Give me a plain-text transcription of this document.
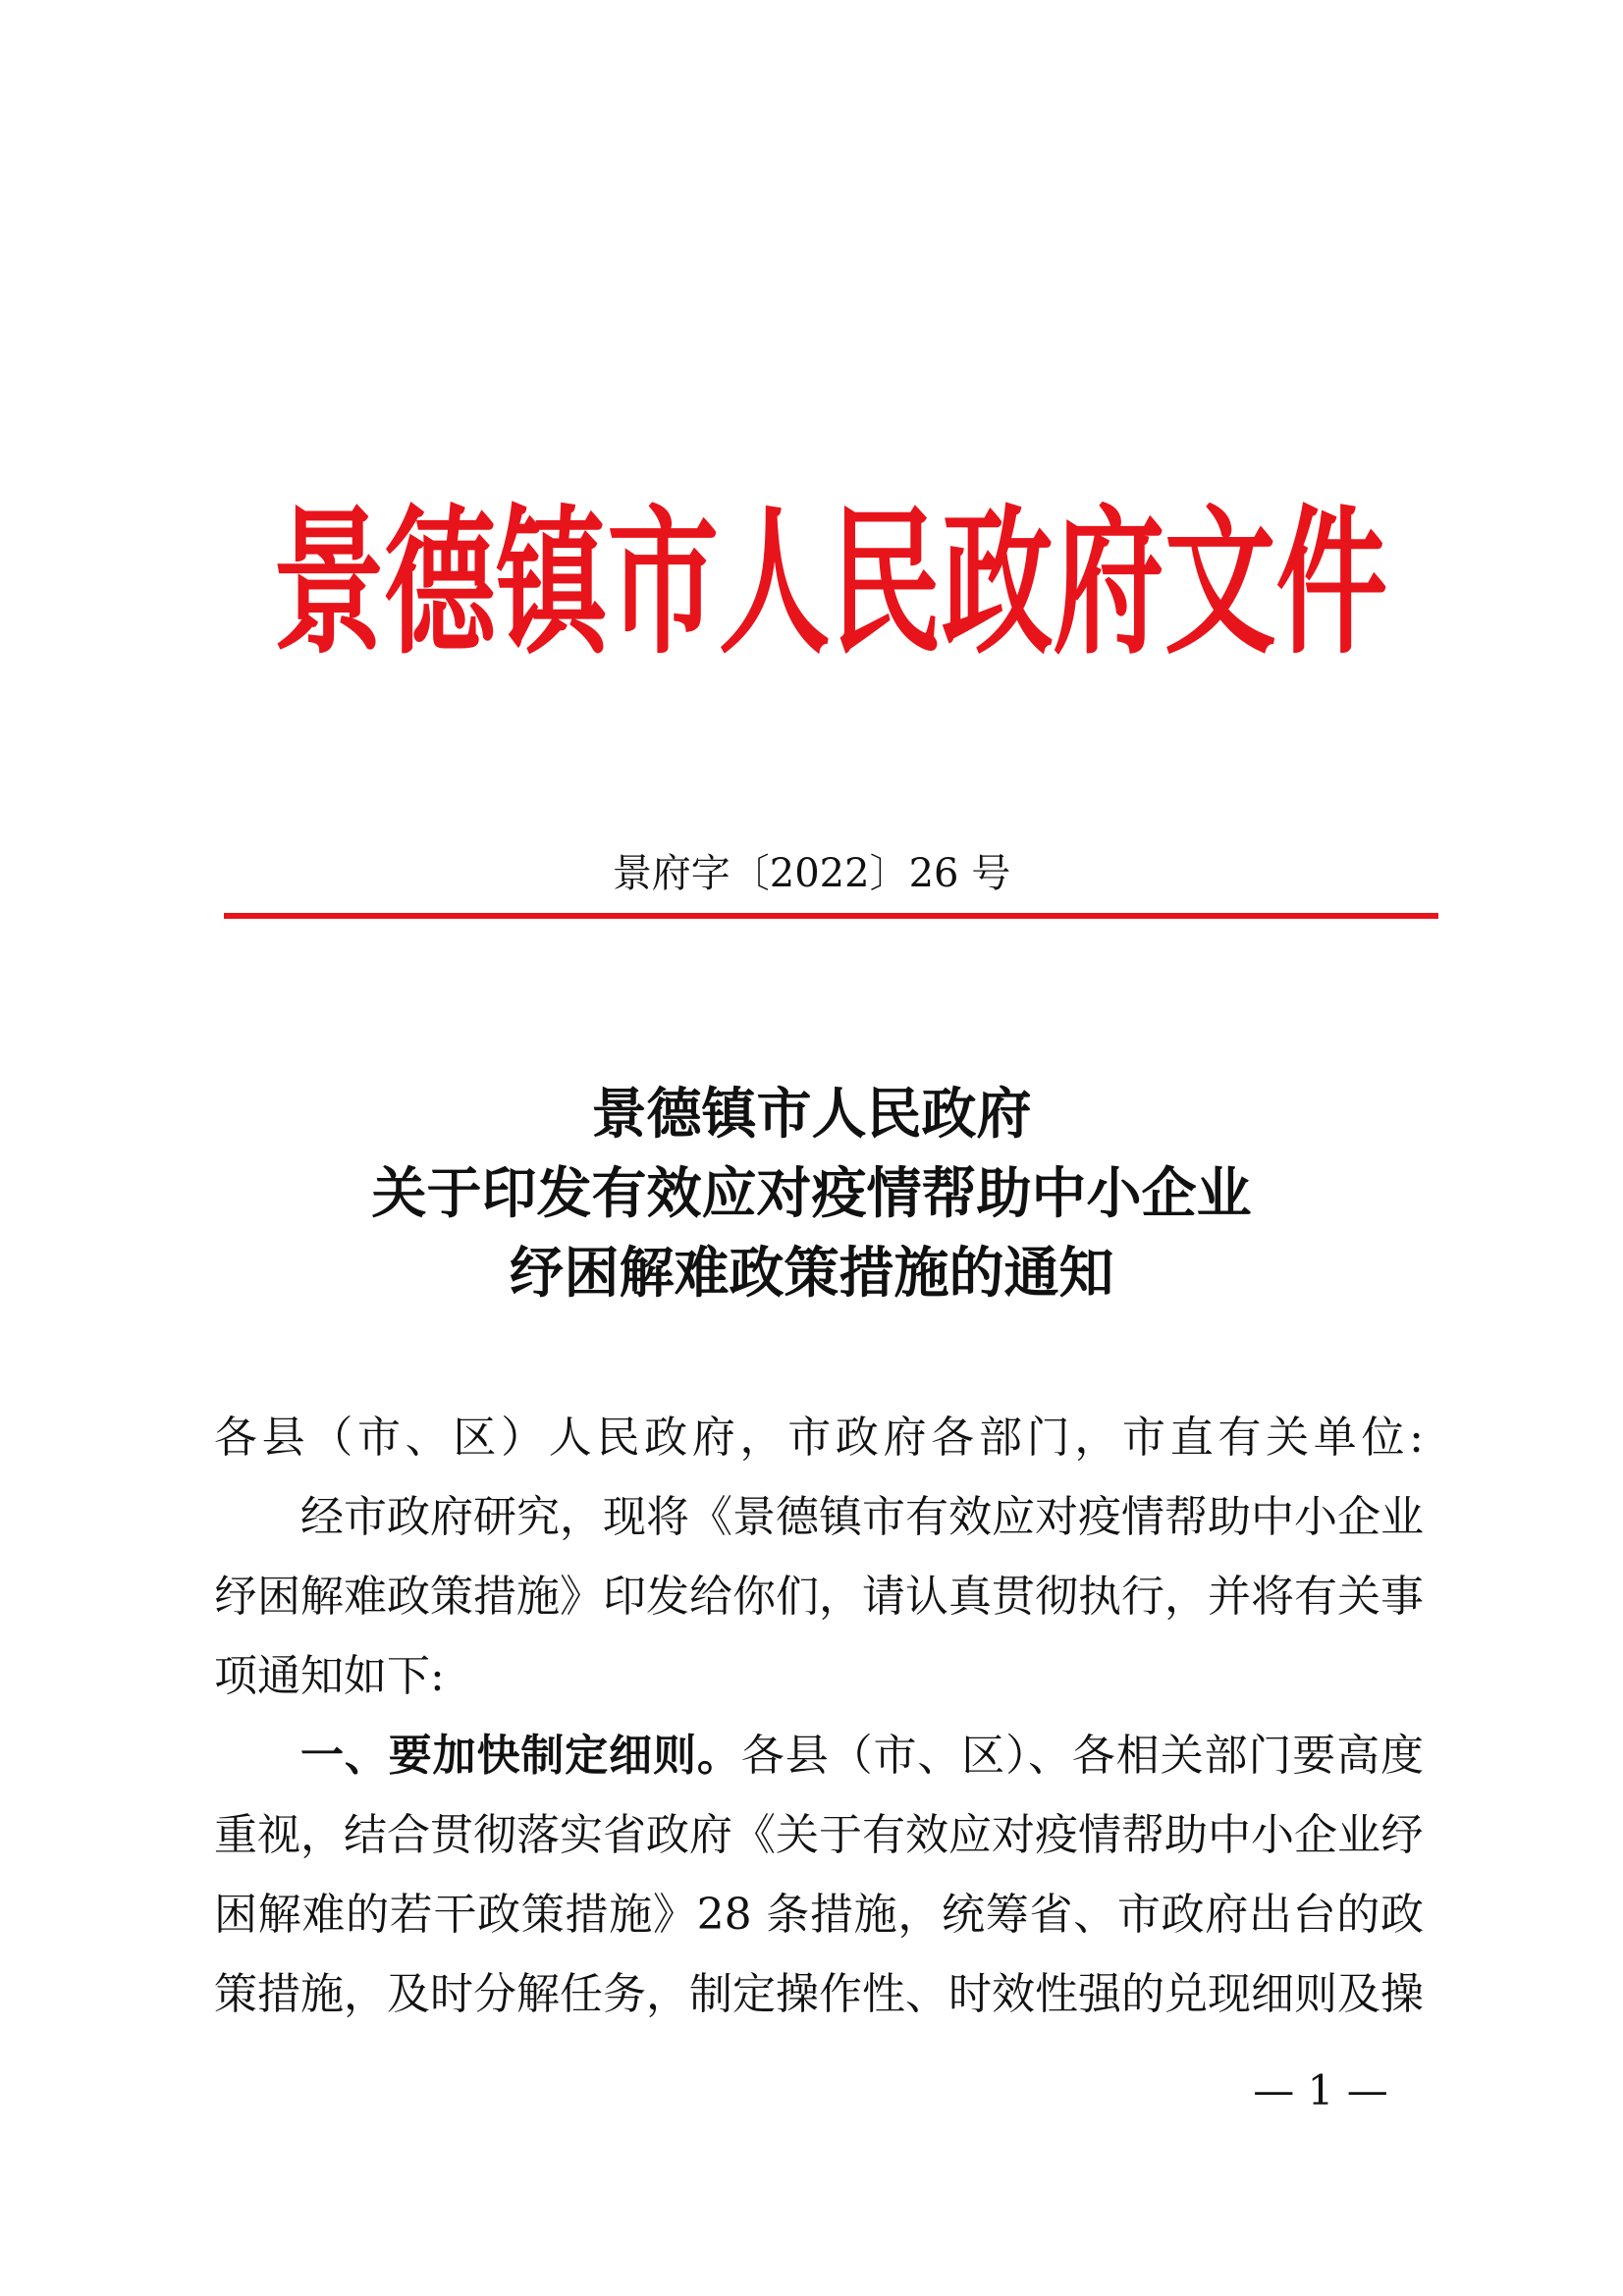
景德镇市人民政府文件
景府字〔2022〕26 号
景德镇市人民政府
关于印发有效应对疫情帮助中小企业
纾困解难政策措施的通知
各县（市、区）人民政府，市政府各部门，市直有关单位:
经市政府研究，现将《景德镇市有效应对疫情帮助中小企业
纾困解难政策措施》印发给你们，请认真贯彻执行，并将有关事
项通知如下:
一、要加快制定细则。各县（市、区）、各相关部门要高度
重视，结合贯彻落实省政府《关于有效应对疫情帮助中小企业纾
困解难的若干政策措施》28 条措施，统筹省、市政府出台的政
策措施，及时分解任务，制定操作性、时效性强的兑现细则及操
— 1 —
